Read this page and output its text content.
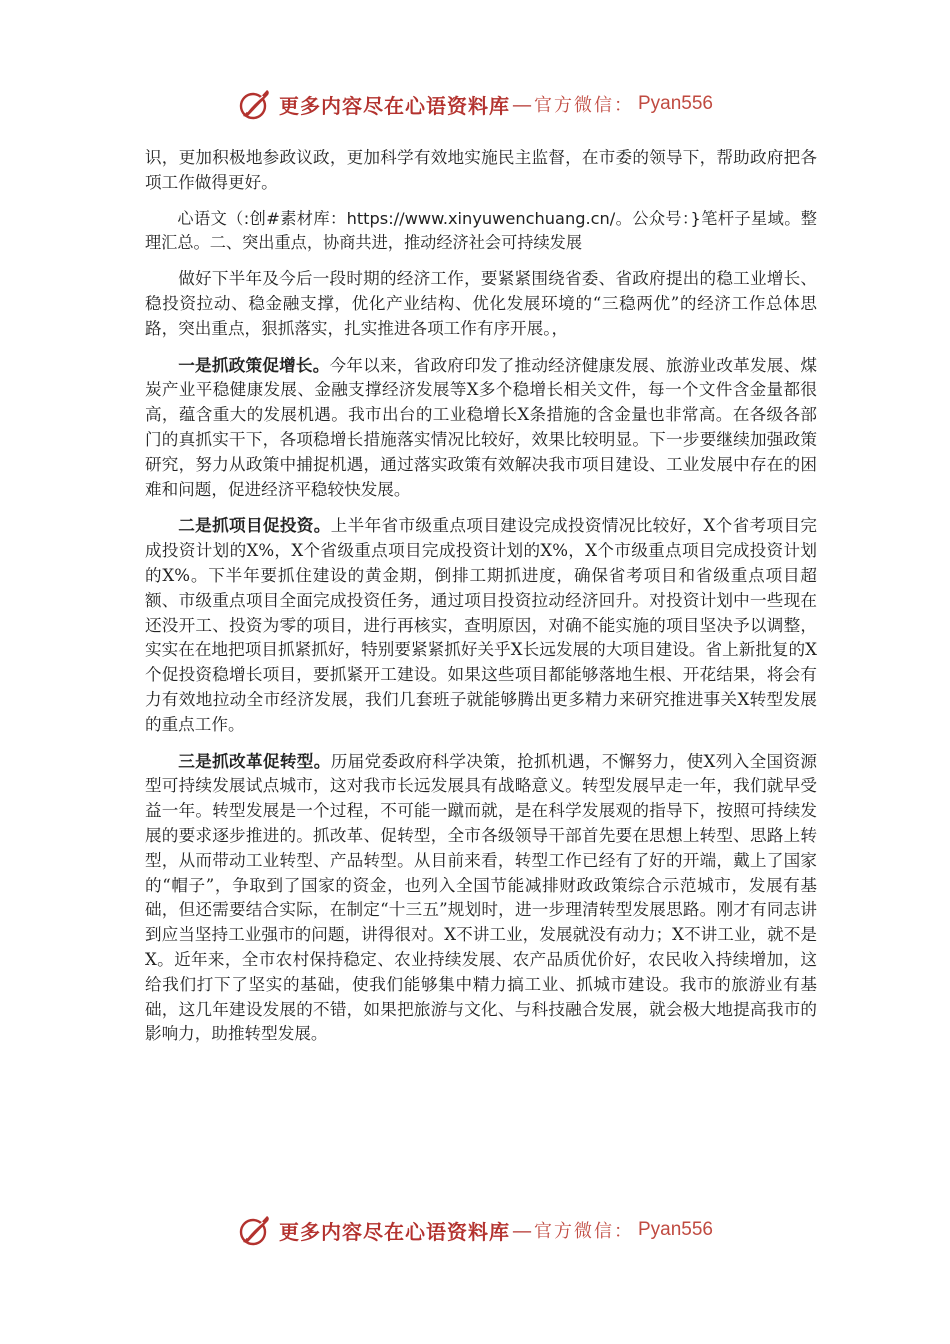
更多内容尽在心语资料库 — 官方微信： Pyan556

识，更加积极地参政议政，更加科学有效地实施民主监督，在市委的领导下，帮助政府把各项工作做得更好。

心语文（:创#素材库：https://www.xinyuwenchuang.cn/。公众号：}笔杆子星域。整理汇总。二、突出重点，协商共进，推动经济社会可持续发展

做好下半年及今后一段时期的经济工作，要紧紧围绕省委、省政府提出的稳工业增长、稳投资拉动、稳金融支撑，优化产业结构、优化发展环境的“三稳两优”的经济工作总体思路，突出重点，狠抓落实，扎实推进各项工作有序开展。，

一是抓政策促增长。今年以来，省政府印发了推动经济健康发展、旅游业改革发展、煤炭产业平稳健康发展、金融支撑经济发展等X多个稳增长相关文件，每一个文件含金量都很高，蕴含重大的发展机遇。我市出台的工业稳增长X条措施的含金量也非常高。在各级各部门的真抓实干下，各项稳增长措施落实情况比较好，效果比较明显。下一步要继续加强政策研究，努力从政策中捕捉机遇，通过落实政策有效解决我市项目建设、工业发展中存在的困难和问题，促进经济平稳较快发展。

二是抓项目促投资。上半年省市级重点项目建设完成投资情况比较好，X个省考项目完成投资计划的X%，X个省级重点项目完成投资计划的X%，X个市级重点项目完成投资计划的X%。下半年要抓住建设的黄金期，倒排工期抓进度，确保省考项目和省级重点项目超额、市级重点项目全面完成投资任务，通过项目投资拉动经济回升。对投资计划中一些现在还没开工、投资为零的项目，进行再核实，查明原因，对确不能实施的项目坚决予以调整，实实在在地把项目抓紧抓好，特别要紧紧抓好关乎X长远发展的大项目建设。省上新批复的X个促投资稳增长项目，要抓紧开工建设。如果这些项目都能够落地生根、开花结果，将会有力有效地拉动全市经济发展，我们几套班子就能够腾出更多精力来研究推进事关X转型发展的重点工作。

三是抓改革促转型。历届党委政府科学决策，抢抓机遇，不懈努力，使X列入全国资源型可持续发展试点城市，这对我市长远发展具有战略意义。转型发展早走一年，我们就早受益一年。转型发展是一个过程，不可能一蹴而就，是在科学发展观的指导下，按照可持续发展的要求逐步推进的。抓改革、促转型，全市各级领导干部首先要在思想上转型、思路上转型，从而带动工业转型、产品转型。从目前来看，转型工作已经有了好的开端，戴上了国家的“帽子”，争取到了国家的资金，也列入全国节能减排财政政策综合示范城市，发展有基础，但还需要结合实际，在制定“十三五”规划时，进一步理清转型发展思路。刚才有同志讲到应当坚持工业强市的问题，讲得很对。X不讲工业，发展就没有动力；X不讲工业，就不是X。近年来，全市农村保持稳定、农业持续发展、农产品质优价好，农民收入持续增加，这给我们打下了坚实的基础，使我们能够集中精力搞工业、抓城市建设。我市的旅游业有基础，这几年建设发展的不错，如果把旅游与文化、与科技融合发展，就会极大地提高我市的影响力，助推转型发展。

更多内容尽在心语资料库 — 官方微信： Pyan556
